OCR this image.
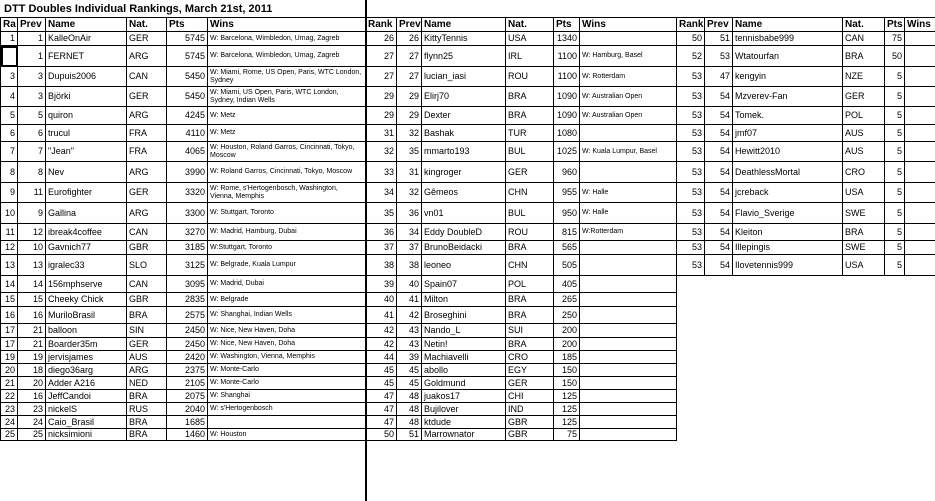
DTT Doubles Individual Rankings, March 21st, 2011
Ra	Prev	Name	Nat.	Pts	Wins
1	1	KalleOnAir	GER	5745	W: Barcelona, Wimbledon, Umag, Zagreb
	1	FERNET	ARG	5745	W: Barcelona, Wimbledon, Umag, Zagreb
3	3	Dupuis2006	CAN	5450	W: Miami, Rome, US Open, Paris, WTC London, Sydney
4	3	Björki	GER	5450	W: Miami, US Open, Paris, WTC London, Sydney, Indian Wells
5	5	quiron	ARG	4245	W: Metz
6	6	trucul	FRA	4110	W: Metz
7	7	"Jean"	FRA	4065	W: Houston, Roland Garros, Cincinnati, Tokyo, Moscow
8	8	Nev	ARG	3990	W: Roland Garros, Cincinnati, Tokyo, Moscow
9	11	Eurofighter	GER	3320	W: Rome, s'Hertogenbosch, Washington, Vienna, Memphis
10	9	Gallina	ARG	3300	W: Stuttgart, Toronto
11	12	ibreak4coffee	CAN	3270	W: Madrid, Hamburg, Dubai
12	10	Gavnich77	GBR	3185	W:Stuttgart, Toronto
13	13	igralec33	SLO	3125	W: Belgrade, Kuala Lumpur
14	14	156mphserve	CAN	3095	W: Madrid, Dubai
15	15	Cheeky Chick	GBR	2835	W: Belgrade
16	16	MuriloBrasil	BRA	2575	W: Shanghai, Indian Wells
17	21	balloon	SIN	2450	W: Nice, New Haven, Doha
17	21	Boarder35m	GER	2450	W: Nice, New Haven, Doha
19	19	jervisjames	AUS	2420	W: Washington, Vienna, Memphis
20	18	diego36arg	ARG	2375	W: Monte-Carlo
21	20	Adder A216	NED	2105	W: Monte-Carlo
22	16	JeffCandoi	BRA	2075	W: Shanghai
23	23	nickelS	RUS	2040	W: s'Hertogenbosch
24	24	Caio_Brasil	BRA	1685	
25	25	nicksimioni	BRA	1460	W: Houston
Rank	Prev	Name	Nat.	Pts	Wins
26	26	KittyTennis	USA	1340	
27	27	flynn25	IRL	1100	W: Hamburg, Basel
27	27	lucian_iasi	ROU	1100	W: Rotterdam
29	29	Elirj70	BRA	1090	W: Australian Open
29	29	Dexter	BRA	1090	W: Australian Open
31	32	Bashak	TUR	1080	
32	35	mmarto193	BUL	1025	W: Kuala Lumpur, Basel
33	31	kingroger	GER	960	
34	32	Gêmeos	CHN	955	W: Halle
35	36	vn01	BUL	950	W: Halle
36	34	Eddy DoubleD	ROU	815	W:Rotterdam
37	37	BrunoBeidacki	BRA	565	
38	38	leoneo	CHN	505	
39	40	Spain07	POL	405	
40	41	Milton	BRA	265	
41	42	Broseghini	BRA	250	
42	43	Nando_L	SUI	200	
42	43	Netin!	BRA	200	
44	39	Machiavelli	CRO	185	
45	45	abollo	EGY	150	
45	45	Goldmund	GER	150	
47	48	juakos17	CHI	125	
47	48	Bujilover	IND	125	
47	48	ktdude	GBR	125	
50	51	Marrownator	GBR	75	
Rank	Prev	Name	Nat.	Pts	Wins
50	51	tennisbabe999	CAN	75	
52	53	Wtatourfan	BRA	50	
53	47	kengyin	NZE	5	
53	54	Mzverev-Fan	GER	5	
53	54	Tomek.	POL	5	
53	54	jmf07	AUS	5	
53	54	Hewitt2010	AUS	5	
53	54	DeathlessMortal	CRO	5	
53	54	jcreback	USA	5	
53	54	Flavio_Sverige	SWE	5	
53	54	Kleiton	BRA	5	
53	54	Illepingis	SWE	5	
53	54	Ilovetennis999	USA	5	
